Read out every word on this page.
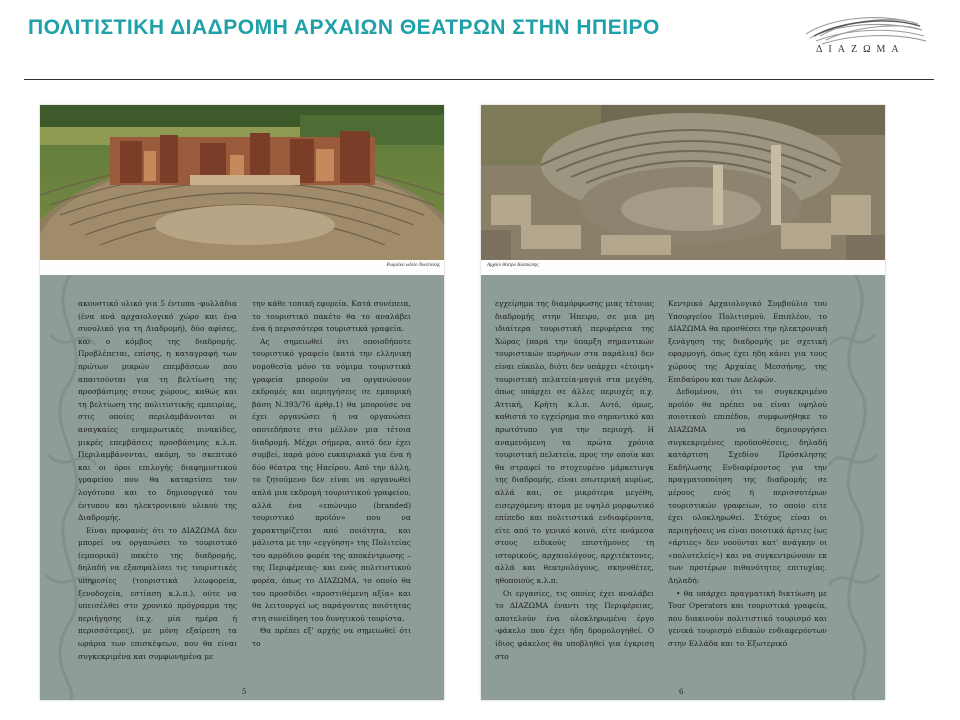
ΠΟΛΙΤΙΣΤΙΚΗ ΔΙΑΔΡΟΜΗ ΑΡΧΑΙΩΝ ΘΕΑΤΡΩΝ ΣΤΗΝ ΗΠΕΙΡΟ
ΔΙΑΖΩΜΑ
Ρωμαϊκό ωδείο Νικόπολης

ακουστικό υλικό για 5 έντυπα -φυλλάδια (ένα ανά αρχαιολογικό χώρο και ένα συνολικό για τη Διαδρομή), δύο αφίσες, και ο κόμβος της διαδρομής. Προβλέπεται, επίσης, η καταγραφή των πρώτων μικρών επεμβάσεων που απαιτούνται για τη βελτίωση της προσβάσιμης στους χώρους, καθώς και τη βελτίωση της πολιτιστικής εμπειρίας, στις οποίες περιλαμβάνονται οι αναγκαίες ενημερωτικές πινακίδες, μικρές επεμβάσεις προσβάσιμης κ.λ.π. Περιλαμβάνονται, ακόμη, το σκεπτικό και οι όροι επιλογής διαφημιστικού γραφείου που θα καταρτίσει τον λογότυπο και το δημιουργικό του έντυπου και ηλεκτρονικού υλικού της Διαδρομής.

Είναι προφανές ότι το ΔΙΑΖΩΜΑ δεν μπορεί να οργανώσει το τουριστικό (εμπορικό) πακέτο της διαδρομής, δηλαδή να εξασφαλίσει τις τουριστικές υπηρεσίες (τουριστικά λεωφορεία, ξενοδοχεία, εστίαση κ.λ.π.), ούτε να υπεισέλθει στο χρονικό πρόγραμμα της περιήγησης (π.χ. μία ημέρα ή περισσότερες), με μόνη εξαίρεση τα ωράρια των επισκέψεων, που θα είναι συγκεκριμένα και συμφωνημένα με

την κάθε τοπική εφορεία. Κατά συνέπεια, το τουριστικό πακέτο θα το αναλάβει ένα ή περισσότερα τουριστικά γραφεία.

Ας σημειωθεί ότι οποιοδήποτε τουριστικό γραφείο (κατά την ελληνική νομοθεσία μόνο τα νόμιμα τουριστικά γραφεία μπορούν να οργανώνουν εκδρομές και περιηγήσεις σε εμπορική βάση Ν.393/76 άρθρ.1) θα μπορούσε να έχει οργανώσει ή να οργανώσει οποτεδήποτε στο μέλλον μια τέτοια διαδρομή. Μέχρι σήμερα, αυτό δεν έχει συμβεί, παρά μόνο ευκαιριακά για ένα ή δύο θέατρα της Ηπείρου. Από την άλλη, το ζητούμενο δεν είναι να οργανωθεί απλά μια εκδρομή τουριστικού γραφείου, αλλά ένα «επώνυμο (branded) τουριστικό προϊόν» που να χαρακτηρίζεται από ποιότητα, και μάλιστα με την «εγγύηση» της Πολιτείας του αρμόδιου φορέα της αποκέντρωσης –της Περιφέρειας- και ενός πολιτιστικού φορέα, όπως το ΔΙΑΖΩΜΑ, το οποίο θα του προσδίδει «προστιθέμενη αξία» και θα λειτουργεί ως παράγοντας ποιότητας στη συνείδηση του δυνητικού τουρίστα.

Θα πρέπει εξ' αρχής να σημειωθεί ότι το

5
Αρχαίο θέατρο Κασσώπης

εγχείρημα της διαμόρφωσης μιας τέτοιας διαδρομής στην Ήπειρο, σε μια μη ιδιαίτερα τουριστική περιφέρεια της Χώρας (παρά την ύπαρξη σημαντικών τουριστικών πυρήνων στα παράλια) δεν είναι εύκολο, διότι δεν υπάρχει «έτοιμη» τουριστική πελατεία-μαγιά στα μεγέθη, όπως υπάρχει σε άλλες περιοχές π.χ. Αττική, Κρήτη κ.λ.π. Αυτό, όμως, καθιστά το εγχείρημα πιο σημαντικό και πρωτότυπο για την περιοχή. Η αναμενόμενη τα πρώτα χρόνια τουριστική πελατεία, προς την οποία και θα στραφεί το στοχευμένο μάρκετινγκ της διαδρομής, είναι εσωτερική κυρίως, αλλά και, σε μικρότερα μεγέθη, εισερχόμενη: άτομα με υψηλό μορφωτικό επίπεδο και πολιτιστικά ενδιαφέροντα, είτε από το γενικό κοινό, είτε ανάμεσα στους ειδικούς επιστήμονες τη ιστορικούς, αρχαιολόγους, αρχιτέκτονες, αλλά και θεατρολόγους, σκηνοθέτες, ηθοποιούς κ.λ.π.

Οι εργασίες, τις οποίες έχει αναλάβει το ΔΙΑΖΩΜΑ έναντι της Περιφέρειας, αποτελούν ένα ολοκληρωμένο έργο -φάκελο που έχει ήδη δρομολογηθεί. Ο ίδιος φάκελος θα υποβληθεί για έγκριση στο

Κεντρικό Αρχαιολογικό Συμβούλιο του Υπουργείου Πολιτισμού. Επιπλέον, το ΔΙΑΖΩΜΑ θα προσθέσει την ηλεκτρονική ξενάγηση της διαδρομής με σχετική εφαρμογή, όπως έχει ήδη κάνει για τους χώρους της Αρχαίας Μεσσήνης, της Επιδαύρου και των Δελφών.

Δεδομένου, ότι το συγκεκριμένο προϊόν θα πρέπει να είναι υψηλού ποιοτικού επιπέδου, συμφωνήθηκε το ΔΙΑΖΩΜΑ να δημιουργήσει συγκεκριμένες προϋποθέσεις, δηλαδή κατάρτιση Σχεδίου Πρόσκλησης Εκδήλωσης Ενδιαφέροντος για την πραγματοποίηση της διαδρομής σε μέρους ενός ή περισσοτέρων τουριστικών γραφείων, το οποίο είτε έχει ολοκληρωθεί. Στόχος είναι οι περιηγήσεις να είναι ποιοτικά άρτιες (ως «άρτιες» δεν νοούνται κατ' ανάγκην οι «πολυτελείς») και να συγκεντρώνουν εκ των προτέρων πιθανότητες επιτυχίας. Δηλαδή:

• θα υπάρχει πραγματική δικτύωση με Tour Operators και τουριστικά γραφεία, που διακινούν πολιτιστικό τουρισμό και γενικά τουρισμό ειδικών ενδιαφερόντων στην Ελλάδα και το Εξωτερικό

6
